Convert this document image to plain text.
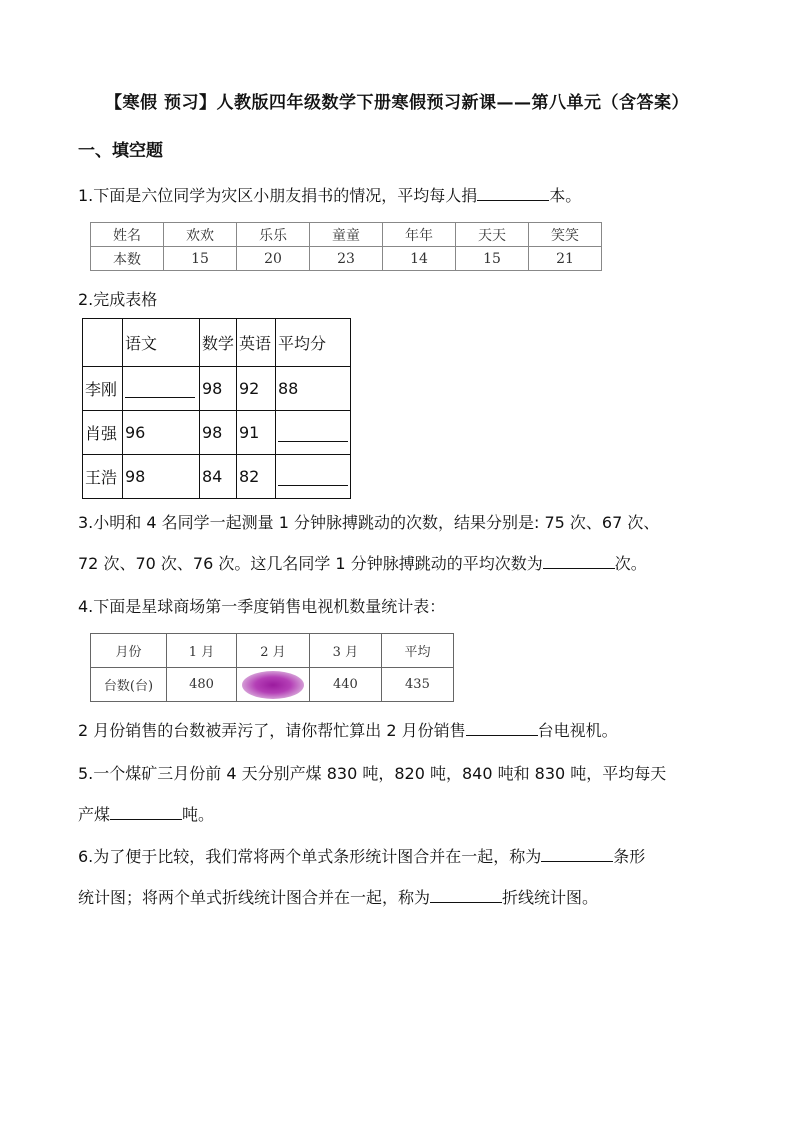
【寒假 预习】人教版四年级数学下册寒假预习新课——第八单元（含答案）
一、填空题
1.下面是六位同学为灾区小朋友捐书的情况，平均每人捐	本。
姓名	欢欢	乐乐	童童	年年	天天	笑笑
本数	15	20	23	14	15	21
2.完成表格
	语文	数学	英语	平均分
李刚		98	92	88
肖强	96	98	91	
王浩	98	84	82	
3.小明和 4 名同学一起测量 1 分钟脉搏跳动的次数，结果分别是: 75 次、67 次、
72 次、70 次、76 次。这几名同学 1 分钟脉搏跳动的平均次数为	次。
4.下面是星球商场第一季度销售电视机数量统计表：
月份	1 月	2 月	3 月	平均
台数(台)	480		440	435
2 月份销售的台数被弄污了，请你帮忙算出 2 月份销售	台电视机。
5.一个煤矿三月份前 4 天分别产煤 830 吨，820 吨，840 吨和 830 吨，平均每天
产煤	吨。
6.为了便于比较，我们常将两个单式条形统计图合并在一起，称为	条形
统计图；将两个单式折线统计图合并在一起，称为	折线统计图。
